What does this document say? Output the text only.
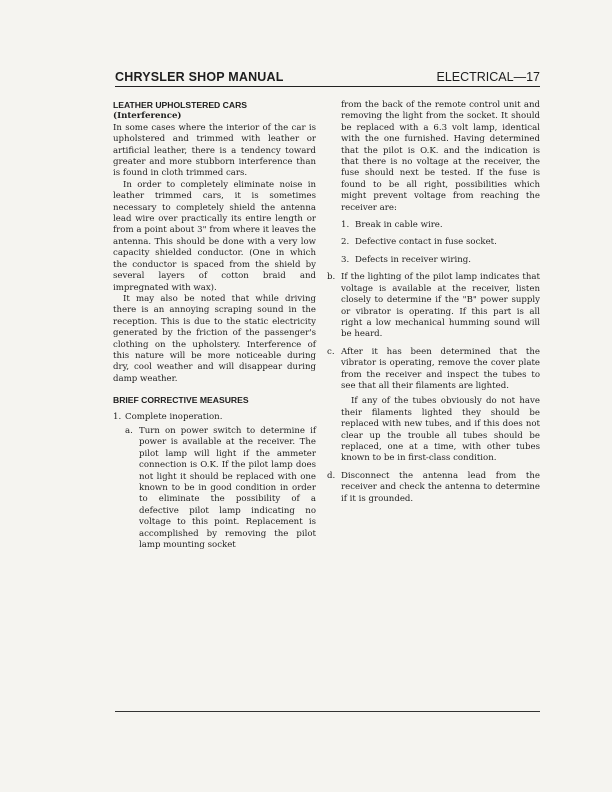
CHRYSLER SHOP MANUAL	ELECTRICAL—17

LEATHER UPHOLSTERED CARS

(Interference)

In some cases where the interior of the car is upholstered and trimmed with leather or artificial leather, there is a tendency toward greater and more stubborn interference than is found in cloth trimmed cars.

In order to completely eliminate noise in leather trimmed cars, it is sometimes necessary to completely shield the antenna lead wire over practically its entire length or from a point about 3" from where it leaves the antenna. This should be done with a very low capacity shielded conductor. (One in which the conductor is spaced from the shield by several layers of cotton braid and impregnated with wax).

It may also be noted that while driving there is an annoying scraping sound in the reception. This is due to the static electricity generated by the friction of the passenger's clothing on the upholstery. Interference of this nature will be more noticeable during dry, cool weather and will disappear during damp weather.

BRIEF CORRECTIVE MEASURES

1. Complete inoperation.
a. Turn on power switch to determine if power is available at the receiver. The pilot lamp will light if the ammeter connection is O.K. If the pilot lamp does not light it should be replaced with one known to be in good condition in order to eliminate the possibility of a defective pilot lamp indicating no voltage to this point. Replacement is accomplished by removing the pilot lamp mounting socket

from the back of the remote control unit and removing the light from the socket. It should be replaced with a 6.3 volt lamp, identical with the one furnished. Having determined that the pilot is O.K. and the indication is that there is no voltage at the receiver, the fuse should next be tested. If the fuse is found to be all right, possibilities which might prevent voltage from reaching the receiver are:

1. Break in cable wire.
2. Defective contact in fuse socket.
3. Defects in receiver wiring.
b. If the lighting of the pilot lamp indicates that voltage is available at the receiver, listen closely to determine if the "B" power supply or vibrator is operating. If this part is all right a low mechanical humming sound will be heard.
c. After it has been determined that the vibrator is operating, remove the cover plate from the receiver and inspect the tubes to see that all their filaments are lighted.

If any of the tubes obviously do not have their filaments lighted they should be replaced with new tubes, and if this does not clear up the trouble all tubes should be replaced, one at a time, with other tubes known to be in first-class condition.

d. Disconnect the antenna lead from the receiver and check the antenna to determine if it is grounded.
